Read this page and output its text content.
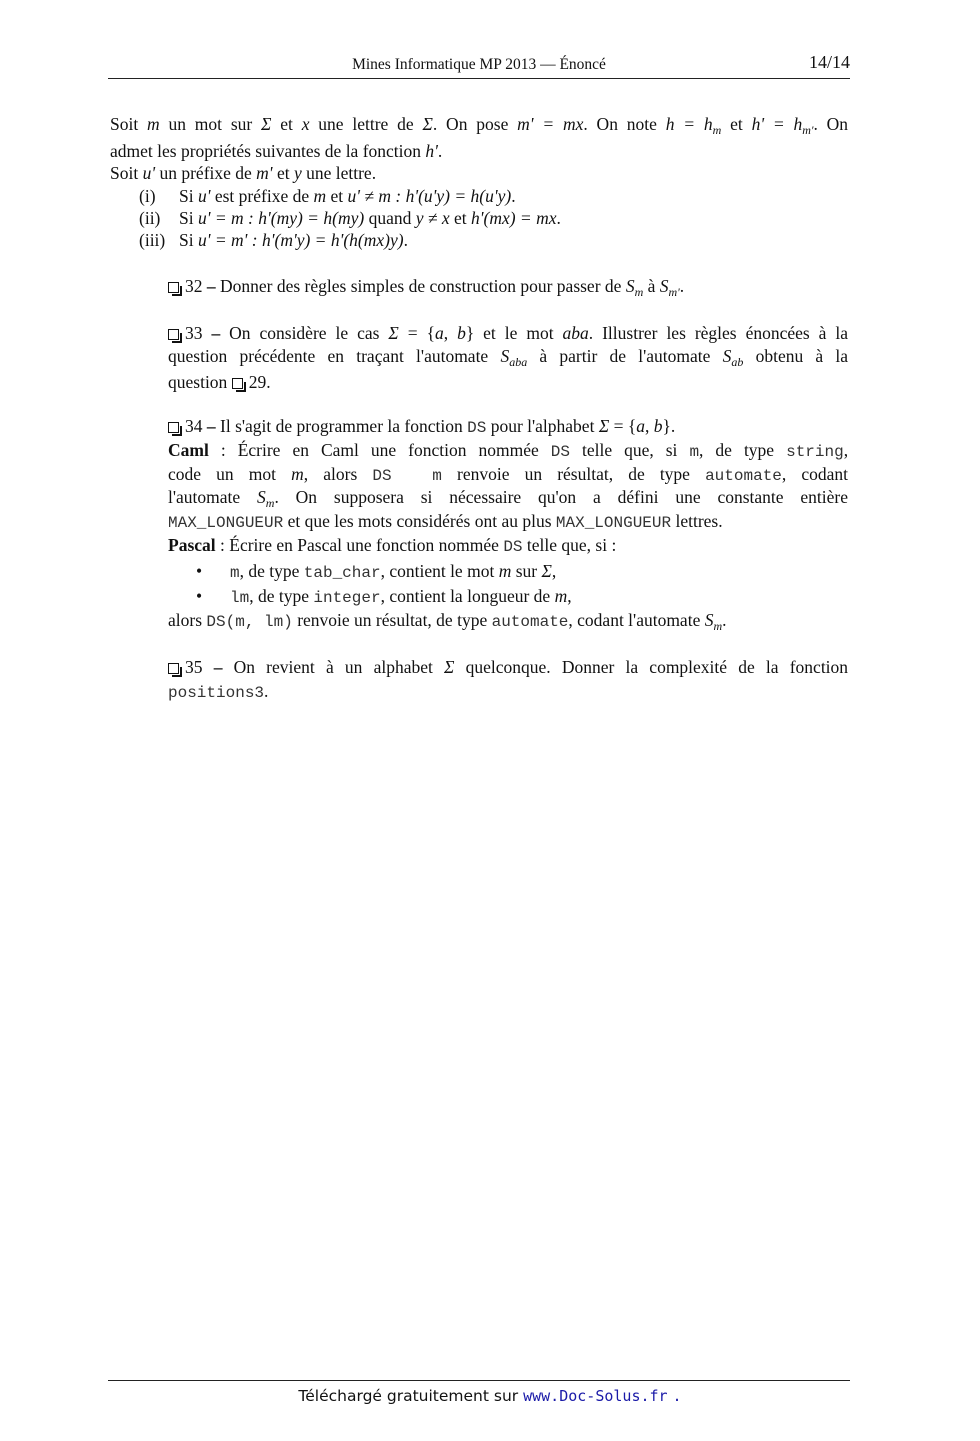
Mines Informatique MP 2013 — Énoncé	14/14
Soit m un mot sur Σ et x une lettre de Σ. On pose m' = mx. On note $h = h_m$ et $h' = h_{m'}$. On
admet les propriétés suivantes de la fonction h'.
Soit u' un préfixe de m' et y une lettre.
(i) Si u' est préfixe de m et u' ≠ m : h'(u'y) = h(u'y).
(ii) Si u' = m : h'(my) = h(my) quand y ≠ x et h'(mx) = mx.
(iii) Si u' = m' : h'(m'y) = h'(h(mx)y).
32 – Donner des règles simples de construction pour passer de $S_m$ à $S_{m'}$.
33 – On considère le cas Σ = {a, b} et le mot aba. Illustrer les règles énoncées à la
question précédente en traçant l'automate $S_{aba}$ à partir de l'automate $S_{ab}$ obtenu à la
question 29.
34 – Il s'agit de programmer la fonction DS pour l'alphabet Σ = {a, b}.
Caml : Écrire en Caml une fonction nommée DS telle que, si m, de type string,
code un mot m, alors DS  m renvoie un résultat, de type automate, codant
l'automate $S_m$. On supposera si nécessaire qu'on a défini une constante entière
MAX_LONGUEUR et que les mots considérés ont au plus MAX_LONGUEUR lettres.
Pascal : Écrire en Pascal une fonction nommée DS telle que, si :
• m, de type tab_char, contient le mot m sur Σ,
• lm, de type integer, contient la longueur de m,
alors DS(m, lm) renvoie un résultat, de type automate, codant l'automate $S_m$.
35 – On revient à un alphabet Σ quelconque. Donner la complexité de la fonction
positions3.
Téléchargé gratuitement sur www.Doc-Solus.fr .
